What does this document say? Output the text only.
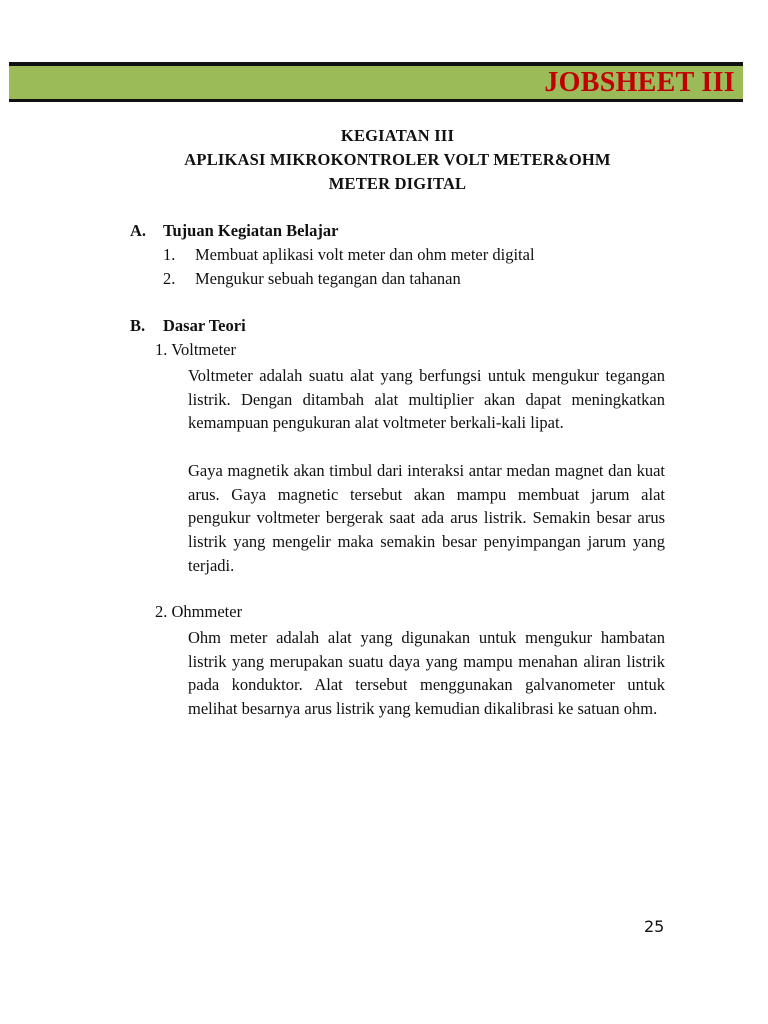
JOBSHEET III
KEGIATAN III
APLIKASI MIKROKONTROLER VOLT METER&OHM
METER DIGITAL
A. Tujuan Kegiatan Belajar
1. Membuat aplikasi volt meter dan ohm meter digital
2. Mengukur sebuah tegangan dan tahanan
B. Dasar Teori
1. Voltmeter
Voltmeter adalah suatu alat yang berfungsi untuk mengukur tegangan listrik. Dengan ditambah alat multiplier akan dapat meningkatkan kemampuan pengukuran alat voltmeter berkali-kali lipat.
Gaya magnetik akan timbul dari interaksi antar medan magnet dan kuat arus. Gaya magnetic tersebut akan mampu membuat jarum alat pengukur voltmeter bergerak saat ada arus listrik. Semakin besar arus listrik yang mengelir maka semakin besar penyimpangan jarum yang terjadi.
2. Ohmmeter
Ohm meter adalah alat yang digunakan untuk mengukur hambatan listrik yang merupakan suatu daya yang mampu menahan aliran listrik pada konduktor. Alat tersebut menggunakan galvanometer untuk melihat besarnya arus listrik yang kemudian dikalibrasi ke satuan ohm.
25
